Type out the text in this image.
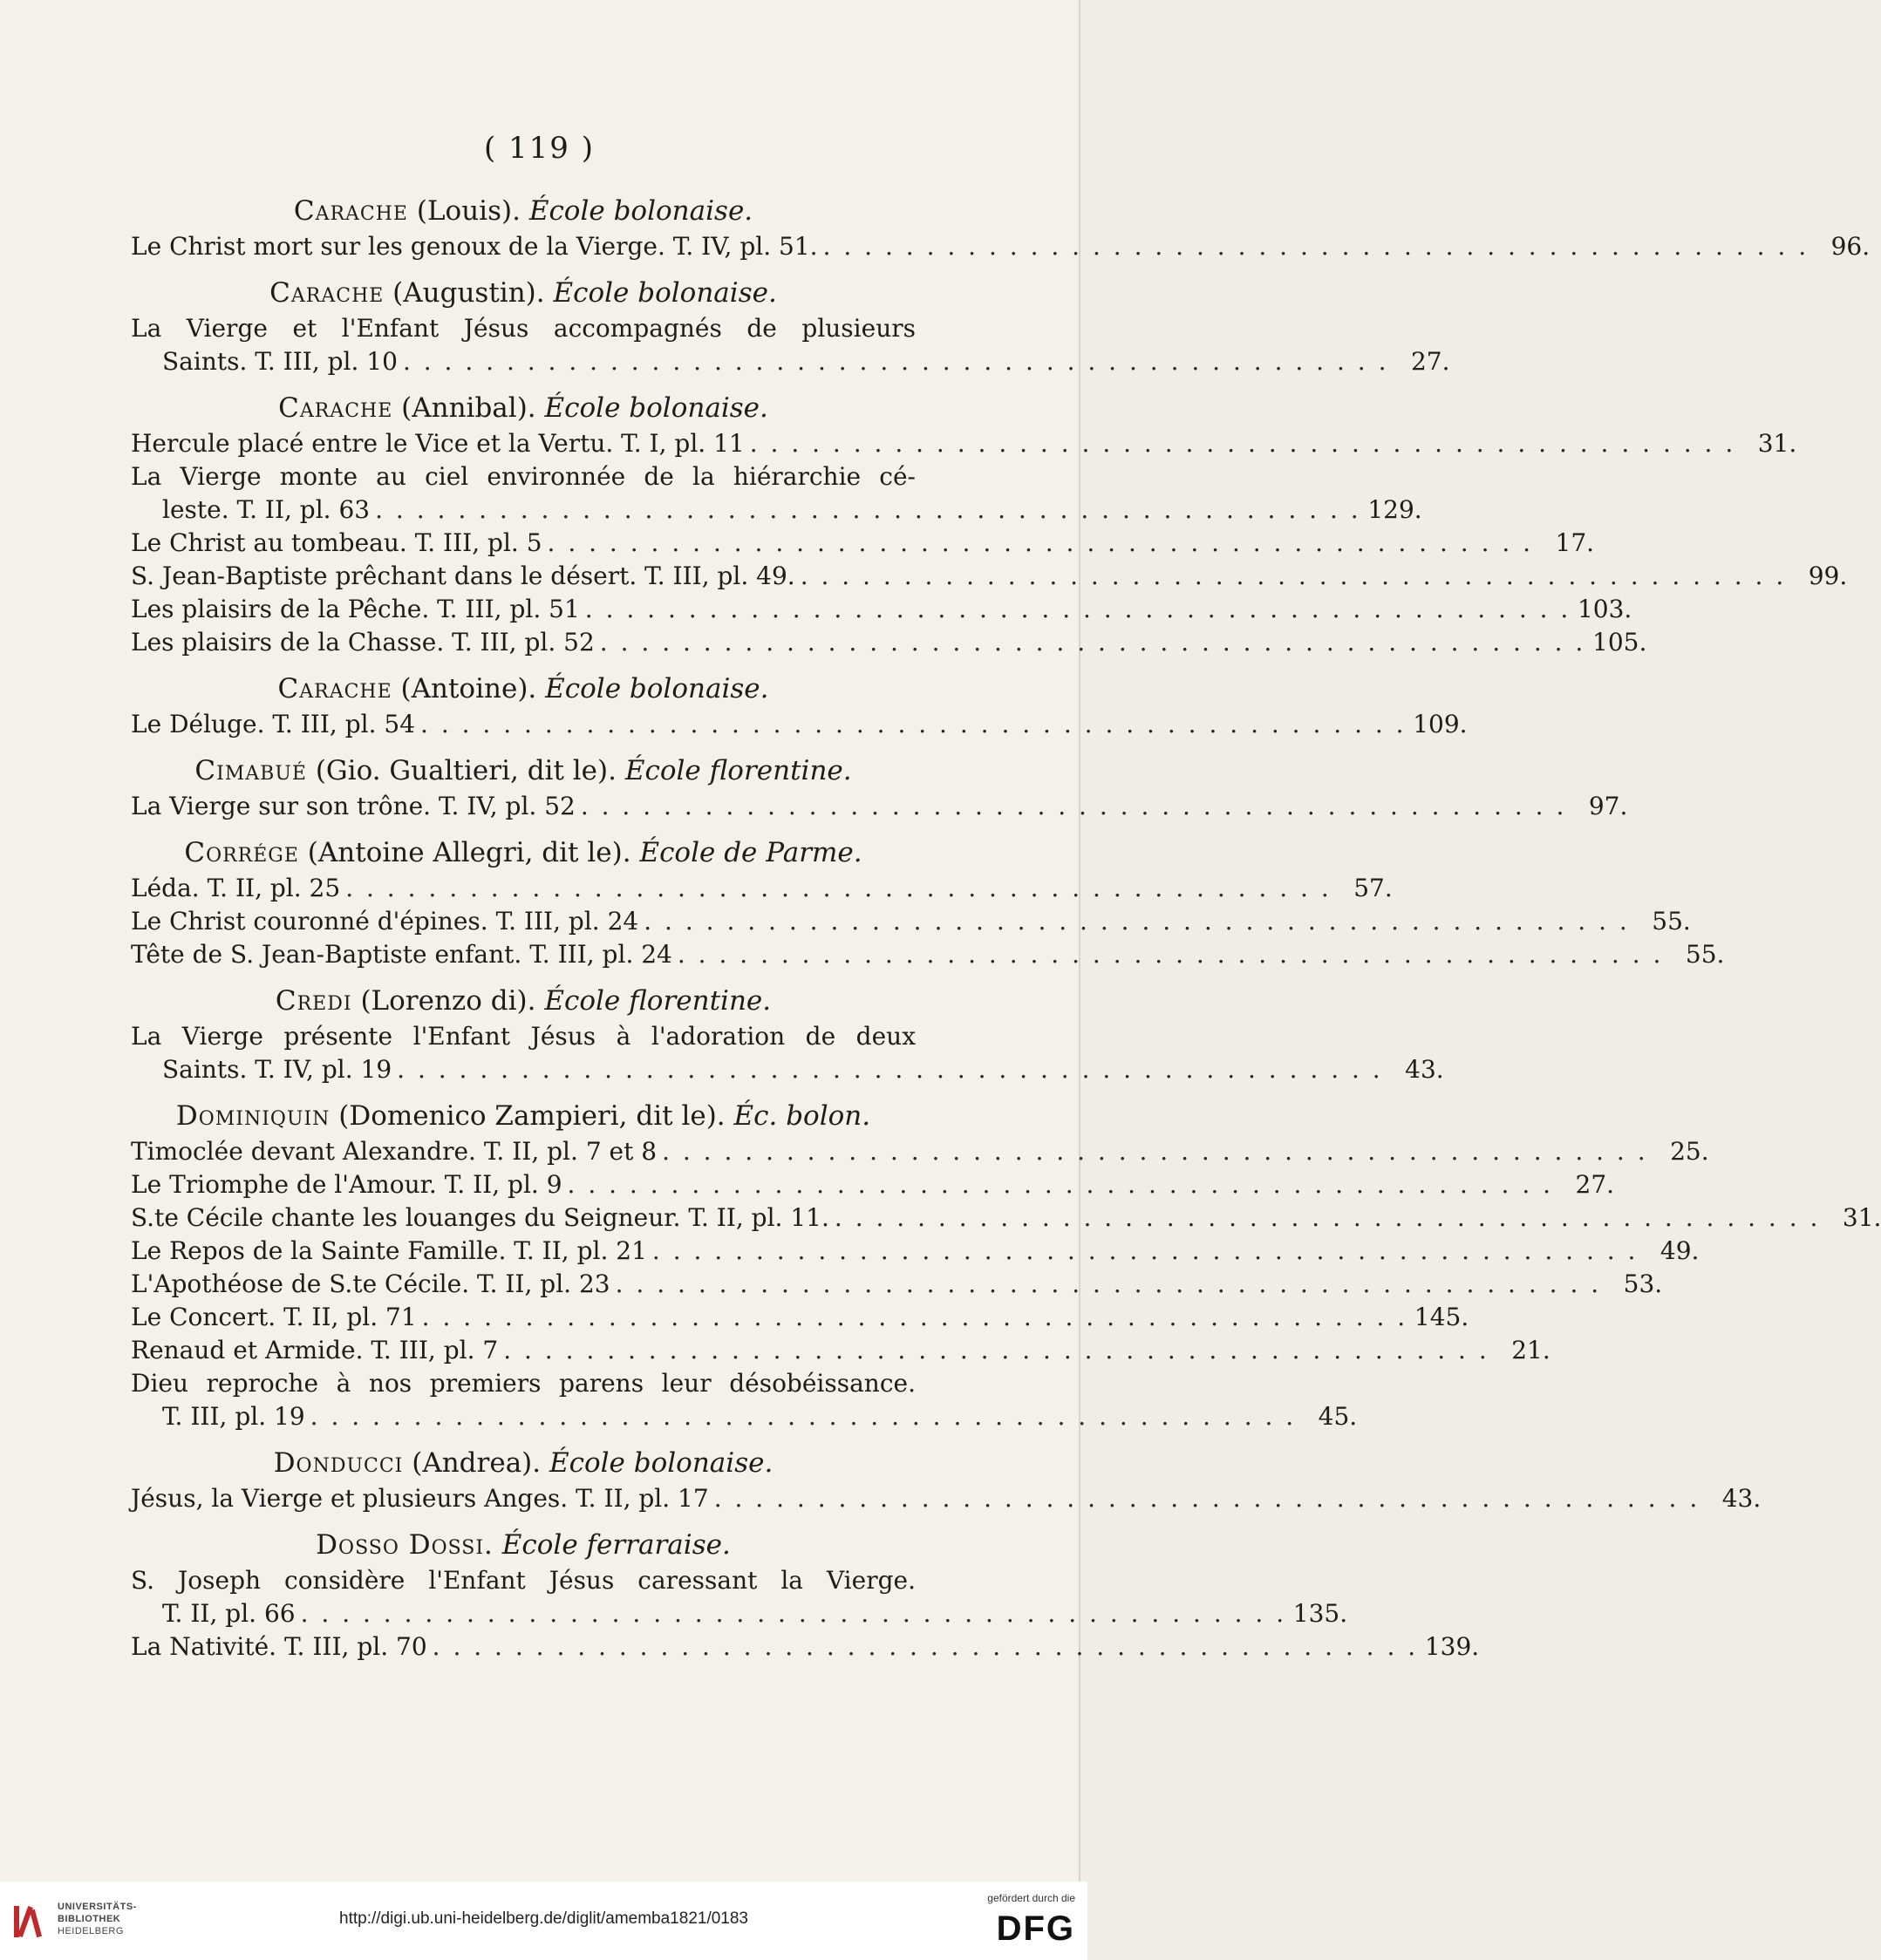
( 119 )
Carache (Louis). École bolonaise.
Le Christ mort sur les genoux de la Vierge. T. IV, pl. 51. . . . . . . . . . . . . . . . . . . . . . . . . . . . . . . . . . . . . . . . . . . . . . . . . 96.
Carache (Augustin). École bolonaise.
La Vierge et l'Enfant Jésus accompagnés de plusieurs
Saints. T. III, pl. 10 . . . . . . . . . . . . . . . . . . . . . . . . . . . . . . . . . . . . . . . . . . . . . . . . 27.
Carache (Annibal). École bolonaise.
Hercule placé entre le Vice et la Vertu. T. I, pl. 11 . . . . . . . . . . . . . . . . . . . . . . . . . . . . . . . . . . . . . . . . . . . . . . . . 31.
La Vierge monte au ciel environnée de la hiérarchie cé-
leste. T. II, pl. 63 . . . . . . . . . . . . . . . . . . . . . . . . . . . . . . . . . . . . . . . . . . . . . . . . 129.
Le Christ au tombeau. T. III, pl. 5 . . . . . . . . . . . . . . . . . . . . . . . . . . . . . . . . . . . . . . . . . . . . . . . . 17.
S. Jean-Baptiste prêchant dans le désert. T. III, pl. 49. . . . . . . . . . . . . . . . . . . . . . . . . . . . . . . . . . . . . . . . . . . . . . . . . 99.
Les plaisirs de la Pêche. T. III, pl. 51 . . . . . . . . . . . . . . . . . . . . . . . . . . . . . . . . . . . . . . . . . . . . . . . . 103.
Les plaisirs de la Chasse. T. III, pl. 52 . . . . . . . . . . . . . . . . . . . . . . . . . . . . . . . . . . . . . . . . . . . . . . . . 105.
Carache (Antoine). École bolonaise.
Le Déluge. T. III, pl. 54 . . . . . . . . . . . . . . . . . . . . . . . . . . . . . . . . . . . . . . . . . . . . . . . . 109.
Cimabué (Gio. Gualtieri, dit le). École florentine.
La Vierge sur son trône. T. IV, pl. 52 . . . . . . . . . . . . . . . . . . . . . . . . . . . . . . . . . . . . . . . . . . . . . . . . 97.
Corrége (Antoine Allegri, dit le). École de Parme.
Léda. T. II, pl. 25 . . . . . . . . . . . . . . . . . . . . . . . . . . . . . . . . . . . . . . . . . . . . . . . . 57.
Le Christ couronné d'épines. T. III, pl. 24 . . . . . . . . . . . . . . . . . . . . . . . . . . . . . . . . . . . . . . . . . . . . . . . . 55.
Tête de S. Jean-Baptiste enfant. T. III, pl. 24 . . . . . . . . . . . . . . . . . . . . . . . . . . . . . . . . . . . . . . . . . . . . . . . . 55.
Credi (Lorenzo di). École florentine.
La Vierge présente l'Enfant Jésus à l'adoration de deux
Saints. T. IV, pl. 19 . . . . . . . . . . . . . . . . . . . . . . . . . . . . . . . . . . . . . . . . . . . . . . . . 43.
Dominiquin (Domenico Zampieri, dit le). Éc. bolon.
Timoclée devant Alexandre. T. II, pl. 7 et 8 . . . . . . . . . . . . . . . . . . . . . . . . . . . . . . . . . . . . . . . . . . . . . . . . 25.
Le Triomphe de l'Amour. T. II, pl. 9 . . . . . . . . . . . . . . . . . . . . . . . . . . . . . . . . . . . . . . . . . . . . . . . . 27.
S.te Cécile chante les louanges du Seigneur. T. II, pl. 11. . . . . . . . . . . . . . . . . . . . . . . . . . . . . . . . . . . . . . . . . . . . . . . . . 31.
Le Repos de la Sainte Famille. T. II, pl. 21 . . . . . . . . . . . . . . . . . . . . . . . . . . . . . . . . . . . . . . . . . . . . . . . . 49.
L'Apothéose de S.te Cécile. T. II, pl. 23 . . . . . . . . . . . . . . . . . . . . . . . . . . . . . . . . . . . . . . . . . . . . . . . . 53.
Le Concert. T. II, pl. 71 . . . . . . . . . . . . . . . . . . . . . . . . . . . . . . . . . . . . . . . . . . . . . . . . 145.
Renaud et Armide. T. III, pl. 7 . . . . . . . . . . . . . . . . . . . . . . . . . . . . . . . . . . . . . . . . . . . . . . . . 21.
Dieu reproche à nos premiers parens leur désobéissance.
T. III, pl. 19 . . . . . . . . . . . . . . . . . . . . . . . . . . . . . . . . . . . . . . . . . . . . . . . . 45.
Donducci (Andrea). École bolonaise.
Jésus, la Vierge et plusieurs Anges. T. II, pl. 17 . . . . . . . . . . . . . . . . . . . . . . . . . . . . . . . . . . . . . . . . . . . . . . . . 43.
Dosso Dossi. École ferraraise.
S. Joseph considère l'Enfant Jésus caressant la Vierge.
T. II, pl. 66 . . . . . . . . . . . . . . . . . . . . . . . . . . . . . . . . . . . . . . . . . . . . . . . . 135.
La Nativité. T. III, pl. 70 . . . . . . . . . . . . . . . . . . . . . . . . . . . . . . . . . . . . . . . . . . . . . . . . 139.
UNIVERSITÄTS-
BIBLIOTHEK
HEIDELBERG
http://digi.ub.uni-heidelberg.de/diglit/amemba1821/0183
gefördert durch die
DFG
